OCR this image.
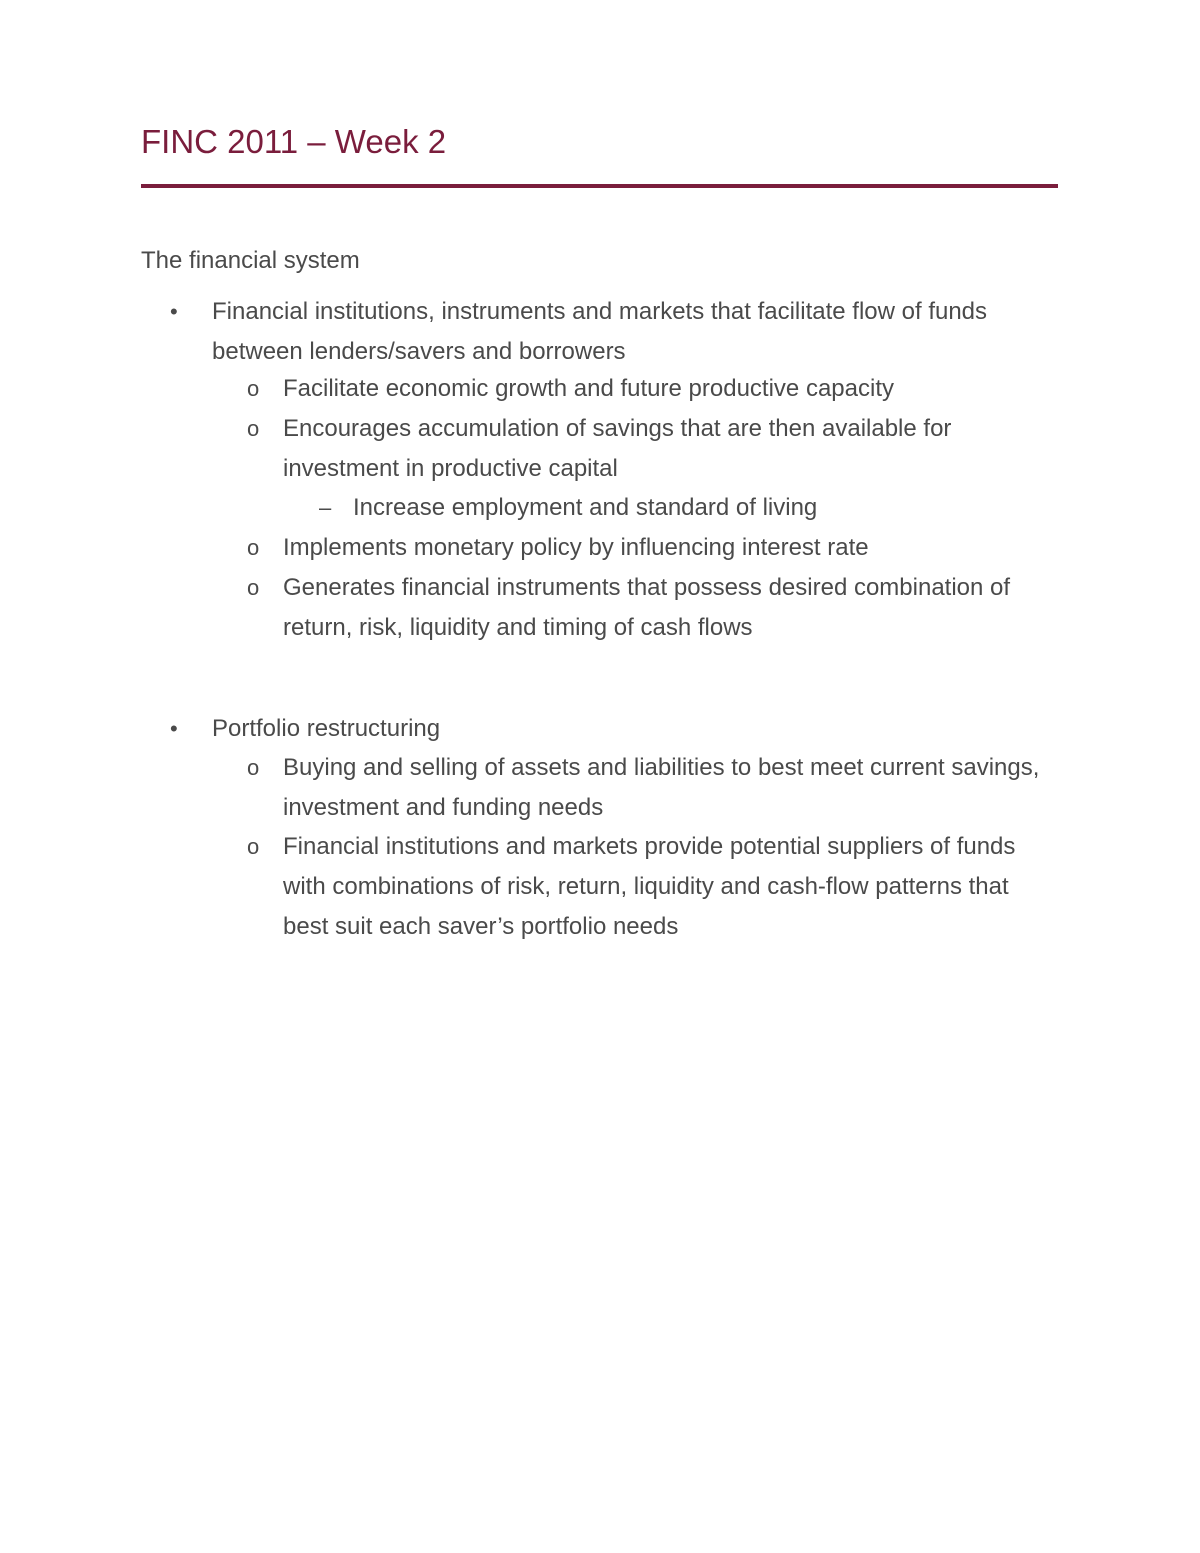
FINC 2011 – Week 2
The financial system
• Financial institutions, instruments and markets that facilitate flow of funds between lenders/savers and borrowers
o Facilitate economic growth and future productive capacity
o Encourages accumulation of savings that are then available for investment in productive capital
– Increase employment and standard of living
o Implements monetary policy by influencing interest rate
o Generates financial instruments that possess desired combination of return, risk, liquidity and timing of cash flows
• Portfolio restructuring
o Buying and selling of assets and liabilities to best meet current savings, investment and funding needs
o Financial institutions and markets provide potential suppliers of funds with combinations of risk, return, liquidity and cash-flow patterns that best suit each saver’s portfolio needs
